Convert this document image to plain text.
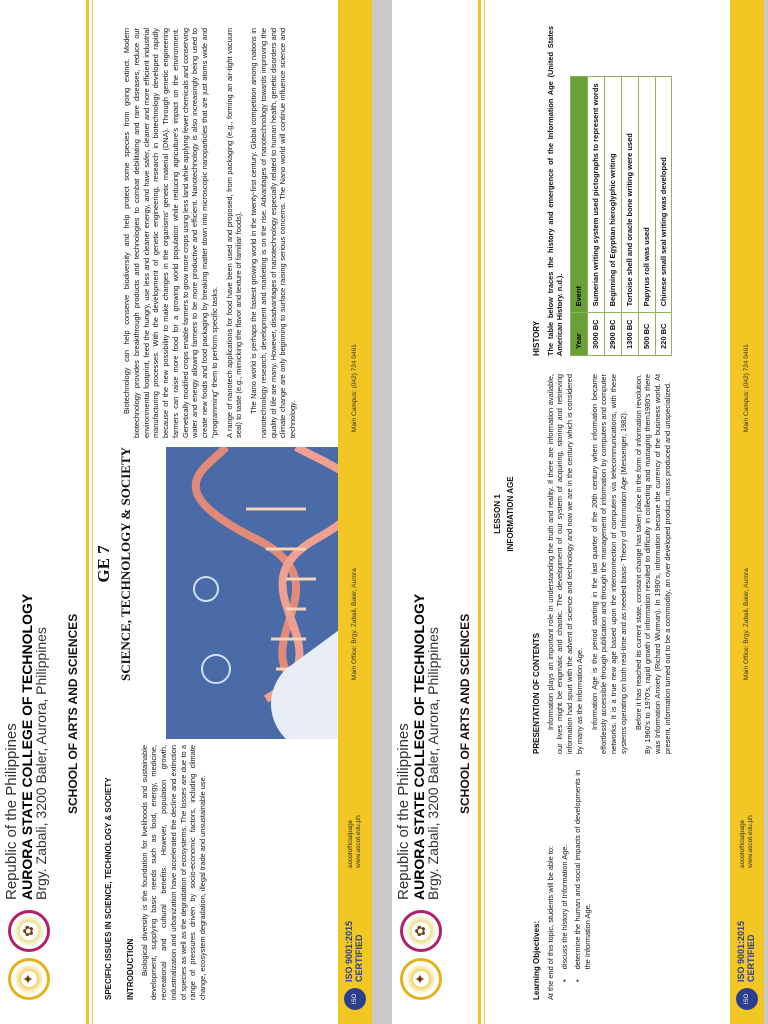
✦
✿
Republic of the Philippines
AURORA STATE COLLEGE OF TECHNOLOGY
Brgy. Zabali, 3200 Baler, Aurora, Philippines SCHOOL OF ARTS AND SCIENCES
GE 7 SCIENCE, TECHNOLOGY & SOCIETY
SPECIFIC ISSUES IN SCIENCE, TECHNOLOGY & SOCIETY INTRODUCTION Biological diversity is the foundation for livelihoods and sustainable development, supplying basic needs such as food, energy, medicine, recreational and cultural benefits. However, population growth, industrialization and urbanization have accelerated the decline and extinction of species as well as the degradation of ecosystems. The losses are due to a range of pressures driven by socio-economic factors, including climate change, ecosystem degradation, illegal trade and unsustainable use.

Biotechnology can help conserve biodiversity and help protect some species from going extinct. Modern biotechnology provides breakthrough products and technologies to combat debilitating and rare diseases, reduce our environmental footprint, feed the hungry, use less and cleaner energy, and have safer, cleaner and more efficient industrial manufacturing processes. With the development of genetic engineering, research in biotechnology developed rapidly because of the new possibility to make changes in the organisms' genetic material (DNA). Through genetic engineering farmers can raise more food for a growing world population while reducing agriculture's impact on the environment. Genetically modified crops enable farmers to grow more crops using less land while applying fewer chemicals and conserving water and energy allowing farmers to be more productive and efficient. Nanotechnology is also increasingly being used to create new foods and food packaging by breaking matter down into microscopic nanoparticles that are just atoms wide and "programming" them to perform specific tasks. A range of nanotech applications for food have been used and proposed, from packaging (e.g., forming an air-tight vacuum seal) to taste (e.g., mimicking the flavor and texture of familiar foods). The Nano world is perhaps the fastest growing world in the twenty-first century. Global competition among nations in nanotechnology research, development and marketing is on the rise. Advantages of nanotechnology towards improving the quality of life are many. However, disadvantages of nanotechnology especially related to human health, genetic disorders and climate change are only beginning to surface raising serious concerns. The Nano world will continue influence science and technology.

ISO
ISO 9001:2015 CERTIFIED
ascotofficialpage www.ascot.edu.ph
Main Office: Brgy. Zabali, Baler, Aurora
Main Campus: (042) 724 0461
✦
✿
Republic of the Philippines
AURORA STATE COLLEGE OF TECHNOLOGY
Brgy. Zabali, 3200 Baler, Aurora, Philippines SCHOOL OF ARTS AND SCIENCES
LESSON 1 INFORMATION AGE
Learning Objectives: At the end of this topic, students will be able to: •
discuss the history of Information Age.
•
determine the human and social impacts of developments in the Information Age.
PRESENTATION OF CONTENTS Information plays an important role in understanding the truth and reality. If there are information available, our lives might be enigmatic and chaotic. The development of our system of acquiring, storing and retrieving information had spurt with the advent of science and technology and now we are in the century which is considered by many as the Information Age. Information Age is the period starting in the last quarter of the 20th century when information became effortlessly accessible through publication and through the management of information by computers and computer networks. It is a true new age based upon the interconnection of computers via telecommunications, with these systems operating on both real-time and as needed basis- Theory of Information Age (Messenger, 1982). Before it has reached its current state, constant change has taken place in the form of information revolution. By 1960's to 1970's, rapid growth of information resulted to difficulty in collecting and managing them1980's there was Information Anxiety (Richard Wurman). In 1990's, information became the currency of the business world. At present, information turned out to be a commodity, an over developed product, mass produced and unspecialized.

HISTORY The table below traces the history and emergence of the Information Age (United States American History. n.d.). Year	Event
3000 BC	Sumerian writing system used pictographs to represent words
2900 BC	Beginning of Egyptian hieroglyphic writing
1300 BC	Tortoise shell and oracle bone writing were used
500 BC	Papyrus roll was used
220 BC	Chinese small seal writing was developed
ISO
ISO 9001:2015 CERTIFIED
ascotofficialpage www.ascot.edu.ph
Main Office: Brgy. Zabali, Baler, Aurora
Main Campus: (042) 724 0461
